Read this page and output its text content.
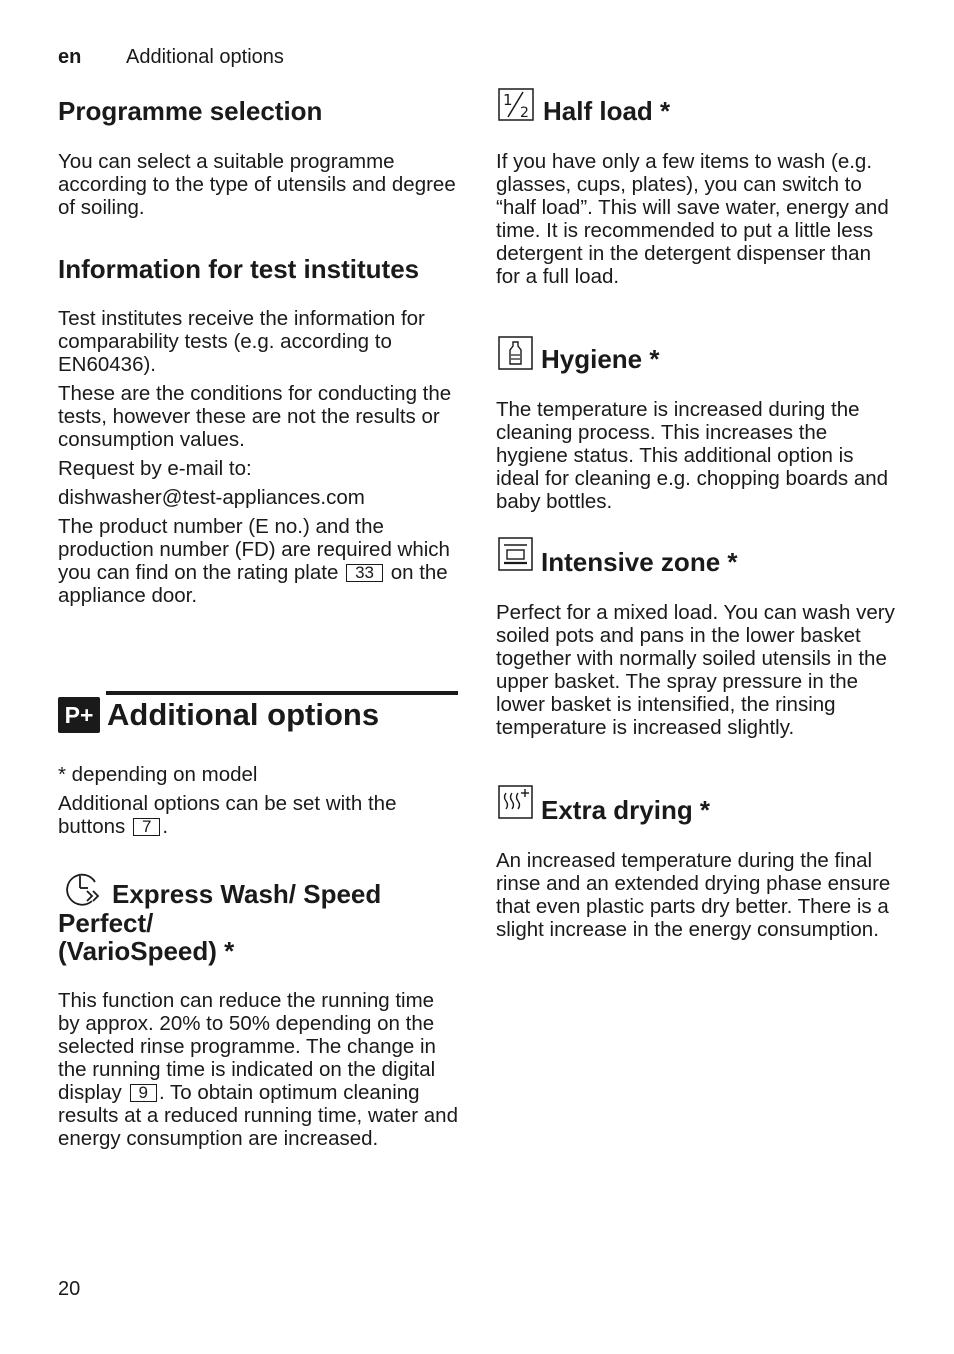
en Additional options
Programme selection

You can select a suitable programme according to the type of utensils and degree of soiling.

Information for test institutes

Test institutes receive the information for comparability tests (e.g. according to EN60436).

These are the conditions for conducting the tests, however these are not the results or consumption values.

Request by e-mail to:

dishwasher@test-appliances.com

The product number (E no.) and the production number (FD) are required which you can find on the rating plate 33 on the appliance door.

P+ Additional options

* depending on model

Additional options can be set with the buttons 7 .

Express Wash/ Speed
Perfect/
(VarioSpeed) *

This function can reduce the running time by approx. 20% to 50% depending on the selected rinse programme. The change in the running time is indicated on the digital display 9 . To obtain optimum cleaning results at a reduced running time, water and energy consumption are increased.

1
2 Half load *

If you have only a few items to wash (e.g. glasses, cups, plates), you can switch to “half load”. This will save water, energy and time. It is recommended to put a little less detergent in the detergent dispenser than for a full load.

Hygiene *

The temperature is increased during the cleaning process. This increases the hygiene status. This additional option is ideal for cleaning e.g. chopping boards and baby bottles.

Intensive zone *

Perfect for a mixed load. You can wash very soiled pots and pans in the lower basket together with normally soiled utensils in the upper basket. The spray pressure in the lower basket is intensified, the rinsing temperature is increased slightly.

Extra drying *

An increased temperature during the final rinse and an extended drying phase ensure that even plastic parts dry better. There is a slight increase in the energy consumption.

20
